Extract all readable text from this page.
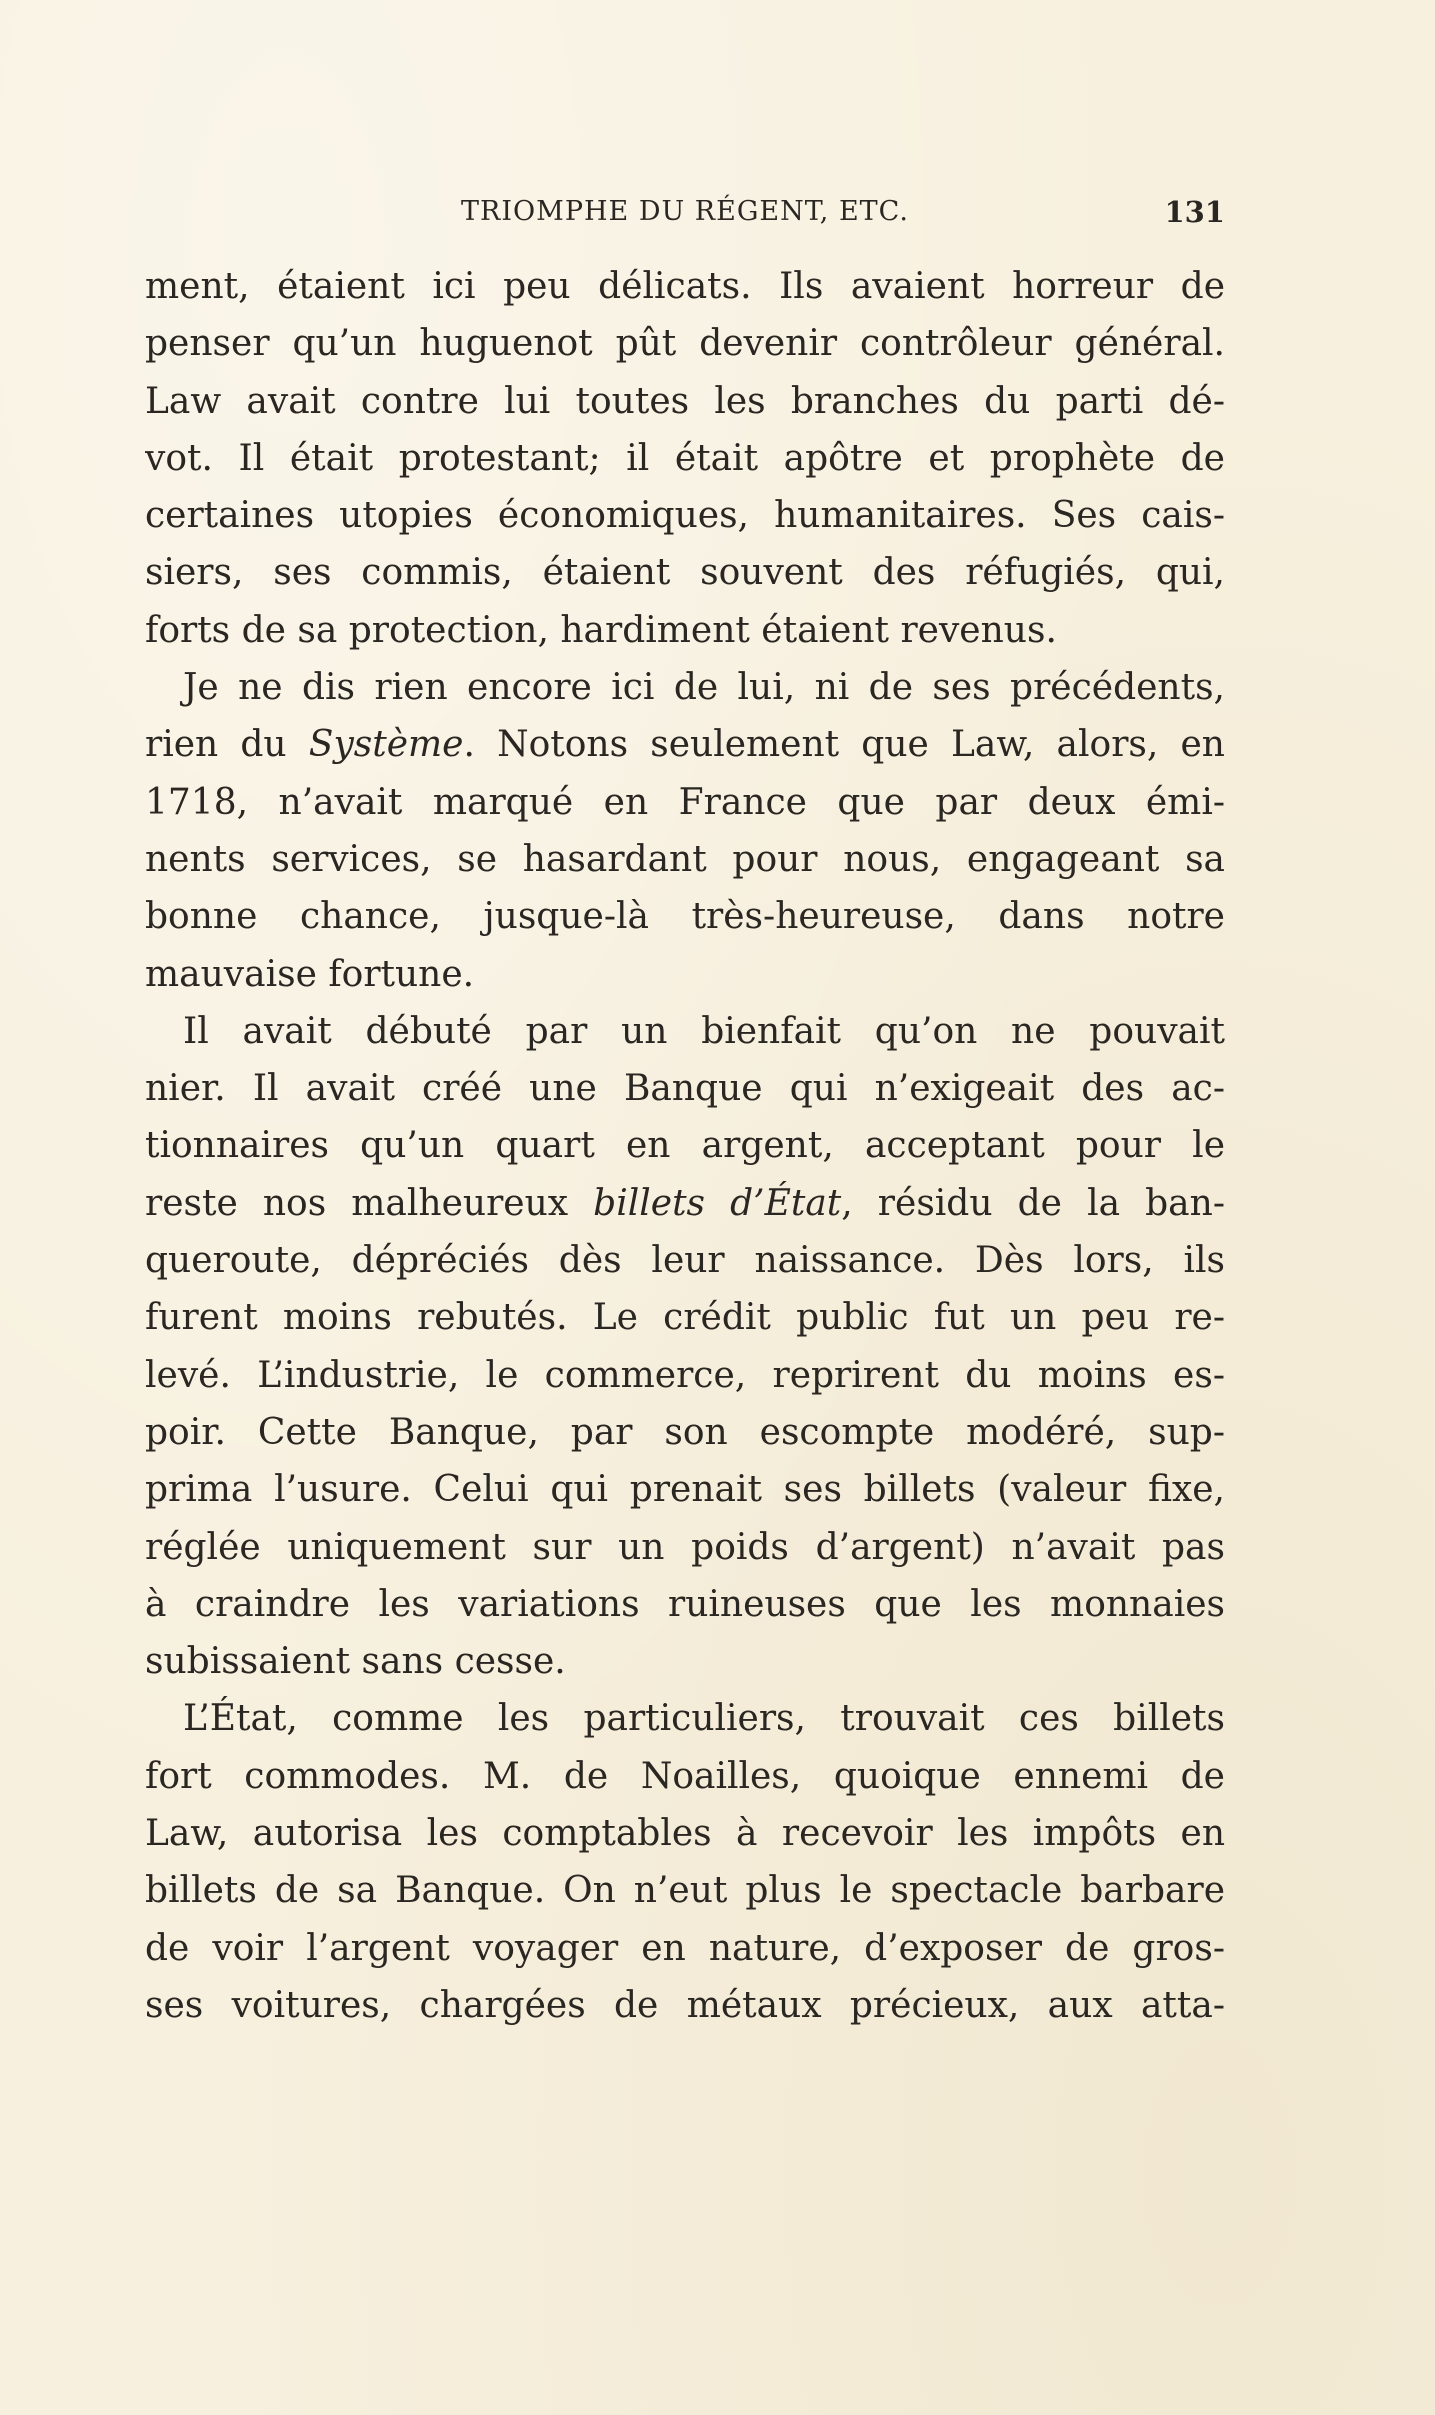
TRIOMPHE DU RÉGENT, ETC.	131
ment, étaient ici peu délicats. Ils avaient horreur de
penser qu’un huguenot pût devenir contrôleur général.
Law avait contre lui toutes les branches du parti dé-
vot. Il était protestant; il était apôtre et prophète de
certaines utopies économiques, humanitaires. Ses cais-
siers, ses commis, étaient souvent des réfugiés, qui,
forts de sa protection, hardiment étaient revenus.
Je ne dis rien encore ici de lui, ni de ses précédents,
rien du Système. Notons seulement que Law, alors, en
1718, n’avait marqué en France que par deux émi-
nents services, se hasardant pour nous, engageant sa
bonne chance, jusque-là très-heureuse, dans notre
mauvaise fortune.
Il avait débuté par un bienfait qu’on ne pouvait
nier. Il avait créé une Banque qui n’exigeait des ac-
tionnaires qu’un quart en argent, acceptant pour le
reste nos malheureux billets d’État, résidu de la ban-
queroute, dépréciés dès leur naissance. Dès lors, ils
furent moins rebutés. Le crédit public fut un peu re-
levé. L’industrie, le commerce, reprirent du moins es-
poir. Cette Banque, par son escompte modéré, sup-
prima l’usure. Celui qui prenait ses billets (valeur fixe,
réglée uniquement sur un poids d’argent) n’avait pas
à craindre les variations ruineuses que les monnaies
subissaient sans cesse.
L’État, comme les particuliers, trouvait ces billets
fort commodes. M. de Noailles, quoique ennemi de
Law, autorisa les comptables à recevoir les impôts en
billets de sa Banque. On n’eut plus le spectacle barbare
de voir l’argent voyager en nature, d’exposer de gros-
ses voitures, chargées de métaux précieux, aux atta-
